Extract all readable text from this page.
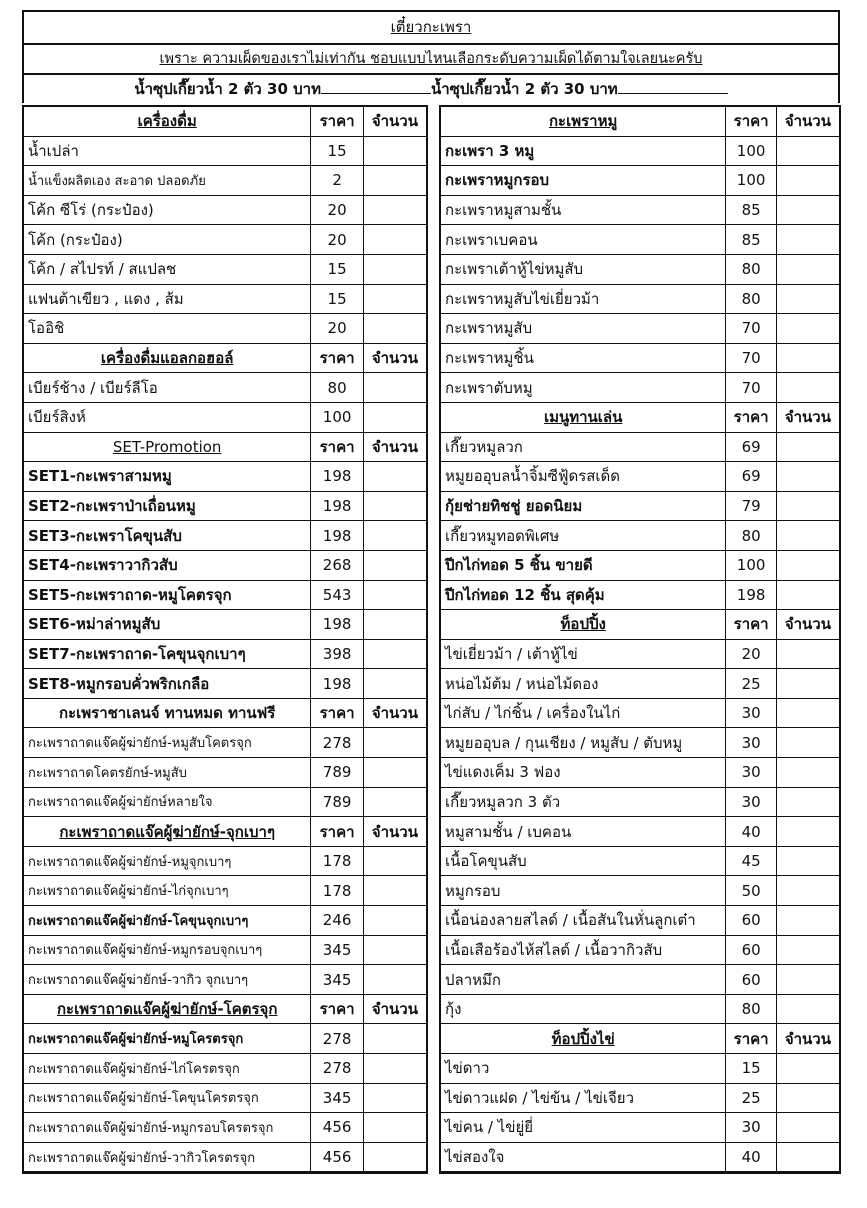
เตี๋ยวกะเพรา
เพราะ ความเผ็ดของเราไม่เท่ากัน ชอบแบบไหนเลือกระดับความเผ็ดได้ตามใจเลยนะครับ
น้ำซุปเกี๊ยวน้ำ 2 ตัว 30 บาท	น้ำซุปเกี๊ยวน้ำ 2 ตัว 30 บาท
เครื่องดื่ม	ราคา	จำนวน
น้ำเปล่า	15	
น้ำแข็งผลิตเอง สะอาด ปลอดภัย	2	
โค้ก ซีโร่ (กระป๋อง)	20	
โค้ก (กระป๋อง)	20	
โค้ก / สไปรท์ / สแปลช	15	
แฟนต้าเขียว , แดง , ส้ม	15	
โออิชิ	20	
เครื่องดื่มแอลกอฮอล์	ราคา	จำนวน
เบียร์ช้าง / เบียร์ลีโอ	80	
เบียร์สิงห์	100	
SET-Promotion	ราคา	จำนวน
SET1-กะเพราสามหมู	198	
SET2-กะเพราป่าเถื่อนหมู	198	
SET3-กะเพราโคขุนสับ	198	
SET4-กะเพราวากิวสับ	268	
SET5-กะเพราถาด-หมูโคตรจุก	543	
SET6-หม่าล่าหมูสับ	198	
SET7-กะเพราถาด-โคขุนจุกเบาๆ	398	
SET8-หมูกรอบคั่วพริกเกลือ	198	
กะเพราชาเลนจ์ ทานหมด ทานฟรี	ราคา	จำนวน
กะเพราถาดแจ๊คผู้ฆ่ายักษ์-หมูสับโคตรจุก	278	
กะเพราถาดโคตรยักษ์-หมูสับ	789	
กะเพราถาดแจ๊คผู้ฆ่ายักษ์หลายใจ	789	
กะเพราถาดแจ๊คผู้ฆ่ายักษ์-จุกเบาๆ	ราคา	จำนวน
กะเพราถาดแจ๊คผู้ฆ่ายักษ์-หมูจุกเบาๆ	178	
กะเพราถาดแจ๊คผู้ฆ่ายักษ์-ไก่จุกเบาๆ	178	
กะเพราถาดแจ๊คผู้ฆ่ายักษ์-โคขุนจุกเบาๆ	246	
กะเพราถาดแจ๊คผู้ฆ่ายักษ์-หมูกรอบจุกเบาๆ	345	
กะเพราถาดแจ๊คผู้ฆ่ายักษ์-วากิว จุกเบาๆ	345	
กะเพราถาดแจ๊คผู้ฆ่ายักษ์-โคตรจุก	ราคา	จำนวน
กะเพราถาดแจ๊คผู้ฆ่ายักษ์-หมูโครตรจุก	278	
กะเพราถาดแจ๊คผู้ฆ่ายักษ์-ไก่โครตรจุก	278	
กะเพราถาดแจ๊คผู้ฆ่ายักษ์-โคขุนโครตรจุก	345	
กะเพราถาดแจ๊คผู้ฆ่ายักษ์-หมูกรอบโครตรจุก	456	
กะเพราถาดแจ๊คผู้ฆ่ายักษ์-วากิวโครตรจุก	456	
กะเพราหมู	ราคา	จำนวน
กะเพรา 3 หมู	100	
กะเพราหมูกรอบ	100	
กะเพราหมูสามชั้น	85	
กะเพราเบคอน	85	
กะเพราเต้าหู้ไข่หมูสับ	80	
กะเพราหมูสับไข่เยี่ยวม้า	80	
กะเพราหมูสับ	70	
กะเพราหมูชิ้น	70	
กะเพราตับหมู	70	
เมนูทานเล่น	ราคา	จำนวน
เกี๊ยวหมูลวก	69	
หมูยออุบลน้ำจิ้มซีฟู้ดรสเด็ด	69	
กุ้ยช่ายทิชชู่ ยอดนิยม	79	
เกี๊ยวหมูทอดพิเศษ	80	
ปีกไก่ทอด 5 ชิ้น ขายดี	100	
ปีกไก่ทอด 12 ชิ้น สุดคุ้ม	198	
ท็อปปิ้ง	ราคา	จำนวน
ไข่เยี่ยวม้า / เต้าหู้ไข่	20	
หน่อไม้ต้ม / หน่อไม้ดอง	25	
ไก่สับ / ไก่ชิ้น / เครื่องในไก่	30	
หมูยออุบล / กุนเชียง / หมูสับ / ตับหมู	30	
ไข่แดงเค็ม 3 ฟอง	30	
เกี๊ยวหมูลวก 3 ตัว	30	
หมูสามชั้น / เบคอน	40	
เนื้อโคขุนสับ	45	
หมูกรอบ	50	
เนื้อน่องลายสไลด์ / เนื้อสันในหั่นลูกเต๋า	60	
เนื้อเสือร้องไห้สไลด์ / เนื้อวากิวสับ	60	
ปลาหมึก	60	
กุ้ง	80	
ท็อปปิ้งไข่	ราคา	จำนวน
ไข่ดาว	15	
ไข่ดาวแฝด / ไข่ข้น / ไข่เจียว	25	
ไข่คน / ไข่ยู่ยี่	30	
ไข่สองใจ	40	
